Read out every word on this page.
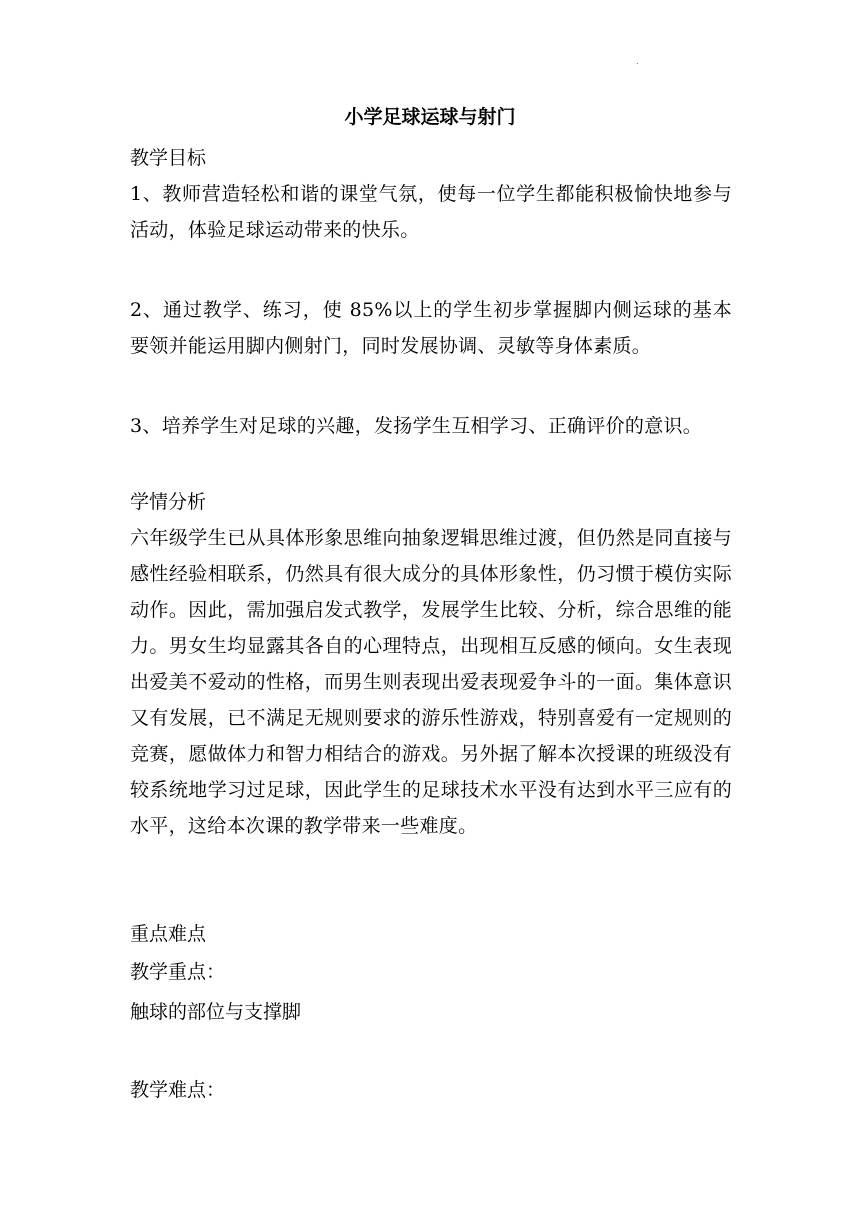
.
小学足球运球与射门
教学目标
1、教师营造轻松和谐的课堂气氛，使每一位学生都能积极愉快地参与活动，体验足球运动带来的快乐。
2、通过教学、练习，使 85%以上的学生初步掌握脚内侧运球的基本要领并能运用脚内侧射门，同时发展协调、灵敏等身体素质。
3、培养学生对足球的兴趣，发扬学生互相学习、正确评价的意识。
学情分析
六年级学生已从具体形象思维向抽象逻辑思维过渡，但仍然是同直接与感性经验相联系，仍然具有很大成分的具体形象性，仍习惯于模仿实际动作。因此，需加强启发式教学，发展学生比较、分析，综合思维的能力。男女生均显露其各自的心理特点，出现相互反感的倾向。女生表现出爱美不爱动的性格，而男生则表现出爱表现爱争斗的一面。集体意识又有发展，已不满足无规则要求的游乐性游戏，特别喜爱有一定规则的竞赛，愿做体力和智力相结合的游戏。另外据了解本次授课的班级没有较系统地学习过足球，因此学生的足球技术水平没有达到水平三应有的水平，这给本次课的教学带来一些难度。
重点难点
教学重点：
触球的部位与支撑脚
教学难点：
